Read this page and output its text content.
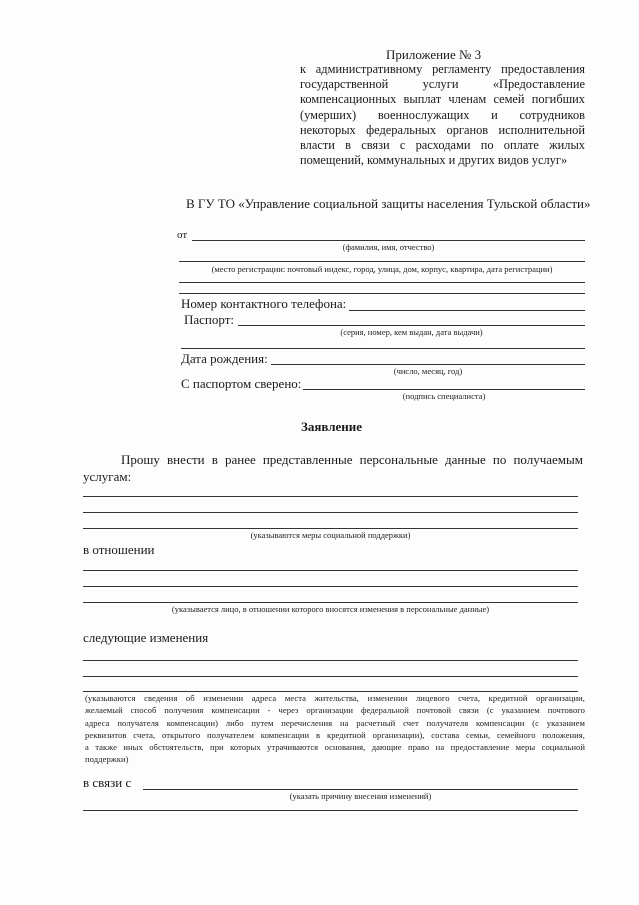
Приложение № 3
к административному регламенту предоставления
государственной услуги «Предоставление
компенсационных выплат членам семей погибших
(умерших) военнослужащих и сотрудников
некоторых федеральных органов исполнительной
власти в связи с расходами по оплате жилых
помещений, коммунальных и других видов услуг»
В ГУ ТО «Управление социальной защиты населения Тульской области»
от
(фамилия, имя, отчество)
(место регистрации: почтовый индекс, город, улица, дом, корпус, квартира, дата регистрации)
Номер контактного телефона:
Паспорт:
(серия, номер, кем выдан, дата выдачи)
Дата рождения:
(число, месяц, год)
С паспортом сверено:
(подпись специалиста)
Заявление
Прошу внести в ранее представленные персональные данные по получаемым
услугам:
(указываются меры социальной поддержки)
в отношении
(указывается лицо, в отношении которого вносятся изменения в персональные данные)
следующие изменения
(указываются сведения об изменении адреса места жительства, изменении лицевого счета, кредитной организации,
желаемый способ получения компенсации - через организации федеральной почтовой связи (с указанием почтового
адреса получателя компенсации) либо путем перечисления на расчетный счет получателя компенсации (с указанием
реквизитов счета, открытого получателем компенсации в кредитной организации), состава семьи, семейного положения,
а также иных обстоятельств, при которых утрачиваются основания, дающие право на предоставление меры социальной
поддержки)
в связи с
(указать причину внесения изменений)
